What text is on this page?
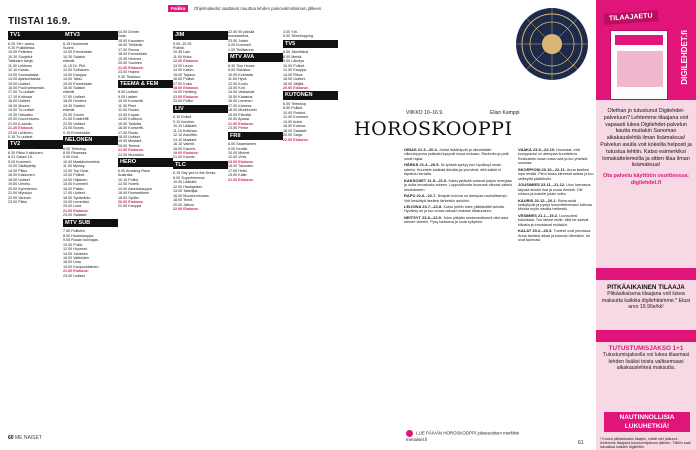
Paikka	Ohjelmatiedot saattavat muuttua lehden painovalmistuksen jälkeen.
TIISTAI 16.9.
TV1

6.25 Yle+ aamu.

9.30 Pokkitietoa.

10.00 Pelimies.

10.30 Suojellut

Taiteiden taloja.

11.00 Lehtinen.

12.10 Kanta–

13.00 Suomalaisia.

14.00 Ajankohtaista.

15.00 Uutiset.

16.00 Puoli seitsemän.

17.00 Tv-uutiset.

17.10 Kotimaa.

18.00 Uutiset.

18.30 Muumi-

19.00 Tv-uutiset

19.30 Haluatko

20.00 Docventures.

21.00 A-studio.

21.30 Elokuva:

23.00 Lehtinen.

0.10 Tv-uutiset.

TV2

6.30 Pikku Kakkonen.

8.31 Galaxi 15.

9.20 Kummeli.

10.00 Sisällytetty

14.30 Pikku

16.00 Kakkonen.

18.00 Uutiset

19.00 Urheilu.

20.00 Kymmenen.

21.00 Myrskyn

22.00 Vanhan

23.00 Pikku

MTV3

6.15 Huomenta

Suomi.

10.00 Emmerdale.

10.30 Salatut

elämät.

11.15 Dr. Phil.

12.00 Sulhanen.

13.00 Kauppa-

14.00 Taksi.

15.00 Emmerdale.

16.00 Salatut

elämät.

17.00 Uutiset.

18.00 Hunters.

19.30 Salatut

elämät.

20.00 Suurin

21.00 Ensitreffit

22.00 Uutiset.

23.00 Bones.

0.15 Emmerdale.

NELONEN

6.00 Teleshop.

8.00 Rinsessa

9.00 Koti.

10.00 Maalaisimmeksi

11.00 Myrsky.

12.00 Top Gear.

13.00 Poliisit.

14.00 Hiljainen

15.00 Kummeli.

16.00 Pakko

17.00 Uutiset.

18.00 Sydänlintu.

19.00 Lemmikki.

20.00 Luke.

21.00 Elokuva:

23.00 Salaiset.

MTV SUB

7.00 Poliisien

8.00 Huutokauppa.

9.00 Ruuan kuningas.

10.00 Pukki.

12.00 Huumori.

14.00 Jokaisen

16.00 Valtioiden

18.00 Liisa

19.00 Kaupunkilainen.

21.00 Elokuva:

23.00 Uutiset.

14.00 Dinner

Date.

15.00 Kaunisen

16.00 Tehtävät

17.00 Rouva

18.00 Emmerdale.

19.00 Hermes

20.00 Suomen

21.00 Elokuva:

23.00 Hopea

0.30 Tiedotus.

TEEMA & FEM

8.00 Uutiset.

9.00 Lasten

10.00 Konsertti.

11.30 Pieni

12.00 Ruotsi.

13.00 Kupari.

14.00 Kulttuuri.

15.00 Taidetta.

16.00 Konsertti.

17.00 Ruutu.

18.00 Uutiset.

19.00 Mestarit.

20.00 Teema:

21.00 Elokuva:

23.00 Muusikko.

HERO

6.00 Amazing Race

Australia.

10.10 Poliisi.

12.00 Hotelli.

14.00 Asuntokauppa.

16.00 Romanttinen

18.00 Sydän.

20.00 Elokuva:

22.00 Kauppa.

JIM

9.00–10.35

Poliisit.

10.35 Lain

11.00 Kuka

12.00 Elokuva:

13.00 Levyn

14.00 Kasvu

15.00 Tapaus.

16.00 Poliisit.

17.00 Kuka

18.00 Elokuva:

19.00 Hellsing.

21.00 Elokuva:

23.00 Poliisi

LIV

8.10 Enkeli.

9.10 Ilmoitus.

10.10 Lääkärit.

11.10 Kotimaa.

12.10 Avioliitto.

14.10 Maalarit.

16.10 Valmiit.

18.00 Kaverit.

19.00 Elokuva:

21.00 Kaunis.

TLC

6.15 Say yes to the Dress.

8.00 Superhemmot.

10.00 Lääkärit.

12.00 Hautajaiset.

14.00 Taiteilijat.

16.00 Muodonmuutos.

18.00 Teinit.

20.00 Jatkuu

22.00 Elokuva:

22.00 90 päivää

morsiamena.

23.00 Jotain

0.00 Kummeli.

1.00 Tieliikenne.

MTV AVA

8.30 Tiny House

9.00 Sisustus.

10.00 Kolmatta

11.00 Hyvä

12.00 Koulu

13.00 Koti.

14.00 Vastaavat

15.00 Kalastus.

16.00 Lemmen

17.00 Kamera.

18.00 Muuttuneet

19.00 Elämää.

20.00 Apassi.

21.00 Elokuva:

23.00 Perhe.

FRII

8.00 Saarelainen.

9.00 Kenttä.

10.00 Miehet.

12.00 Virta.

13.00 Elokuva:

15.00 Talouden

17.00 Hetki.

19.00 Kalle.

21.00 Elokuva:

3.00 Yöt.

5.00 Teleshopping.

TV5

6.00 Jännittävä

8.00 Metsä.

9.00 Lähetys.

10.00 Poliisit.

12.00 Kauppa.

14.00 Rikos.

16.00 Uutiset.

18.00 Jäljillä.

20.00 Elokuva:

KUTONEN

6.00 Teleshop.

8.00 Poliisit.

10.00 Roistot.

12.00 Kummeli.

14.00 Autot.

16.00 Kotona.

18.00 Salaiset.

20.00 Sarja.

22.00 Elokuva:

60 ME NAISET
VIIKKO 10–16.9.	Elian Kamppi
HOROSKOOPPI

OINAS 21.3.–20.4. Juhlat lisääntyvät ja viimeistään viikonloppuna ystäväsi kysyvät sinua mukaan. Rauhoita ja pidä omat rajasi.

HÄRKÄ 21.4.–20.5. Ilo työssä syntyy kun hyväksyt oman rytmisi. Kuuntele sisäistä ääntäsi ja ymmärrä, että kaikki ei tapahdu kerralla.

KAKSOSET 21.5.–21.6. Kaksi ystävää antavat paljon energiaa ja uutta innostusta arkeen. Loppuviikosta huomaat olevasi valmis muutokseen.

RAPU 22.6.–22.7. Ilmapiiri kotona on aiempaa rauhallisempi. Voit keskittyä itsellesi tärkeisiin asioihin.

LEIJONA 23.7.–22.8. Kutsu juhliin tulee yllättävältä taholta. Hyväksy se ja tuo omaa valoasi mukaan tilaisuuteen.

NEITSYT 23.8.–22.9. Jokin pitkään keskeneräisenä ollut asia etenee viimein. Pysy tarkkana ja luota kykyihisi.

VAAKA 23.9.–22.10. Huomaat, että kumppanisi on aiempaa kuunteleva. Keskustelu avaa uusia ovia ja luo yhteistä suuntaa.

SKORPIONI 23.10.–22.11. Anna itsellesi lupa levätä. Pieni tauko kiireestä auttaa ja tuo selkeyttä päätöksiin.

JOUSIMIES 23.11.–21.12. Uusi harrastus tarjoaa sinulle iloa ja uusia ihmisiä. Ole rohkea ja kokeile jotain uutta.

KAURIS 22.12.–20.1. Raha-asiat selkiytyvät ja pystyt suunnittelemaan tulevaa. Muista myös nauttia hetkestä.

VESIMIES 21.1.–19.2. Luovuutesi kukoistaa. Tuo ideasi esille, sillä ne saavat kiitosta ja innostavat muitakin.

KALAT 20.2.–20.3. Tunteet ovat pinnassa. Anna itsellesi aikaa ja tukeudu läheisiisi, he ovat tukenasi.

LUE PÄIVÄN HOROSKOOPPI jokavuotisen merkkisi menaiset.fi
61
TILAAJAETU
DIGILEHDET.fi
Olethan jo tutustunut Digilehdet-palveluun? Lehtemme tilaajana voit vapaasti lukea Digilehdet-palvelun kautta muitakin Sanoman aikakauslehtiä ilman lisämaksua! Palvelun avulla voit kokeilla helposti ja tutustua lehtiin. Katso esimerkiksi lomakattelemoilla ja sitten tilaa ilman lisämaksua!
Ota palvelu käyttöön osoitteessa: digilehdet.fi
PITKÄAIKAINEN TILAAJA
Pitkäaikaisena tilaajana voit lukea maksutta kaikkia digilehtiämme.* Etusi arvo 19,90e/kk!
TUTUSTUMISJAKSO 1+1
Tutustumisjaksolla voi lukea tilaamasi lehden lisäksi toista valitsemaasi aikakauslehteä maksutta.
NAUTINNOLLISIA LUKUHETKIÄ!
* Kuulut pitkäaikaisiin tilaajiin, mikäli olet jatkunut lehtemme tilaajana tutustumisjakson jälkeen. Tällöin saat lukuaikaa kaikkiin digilehtiin.
